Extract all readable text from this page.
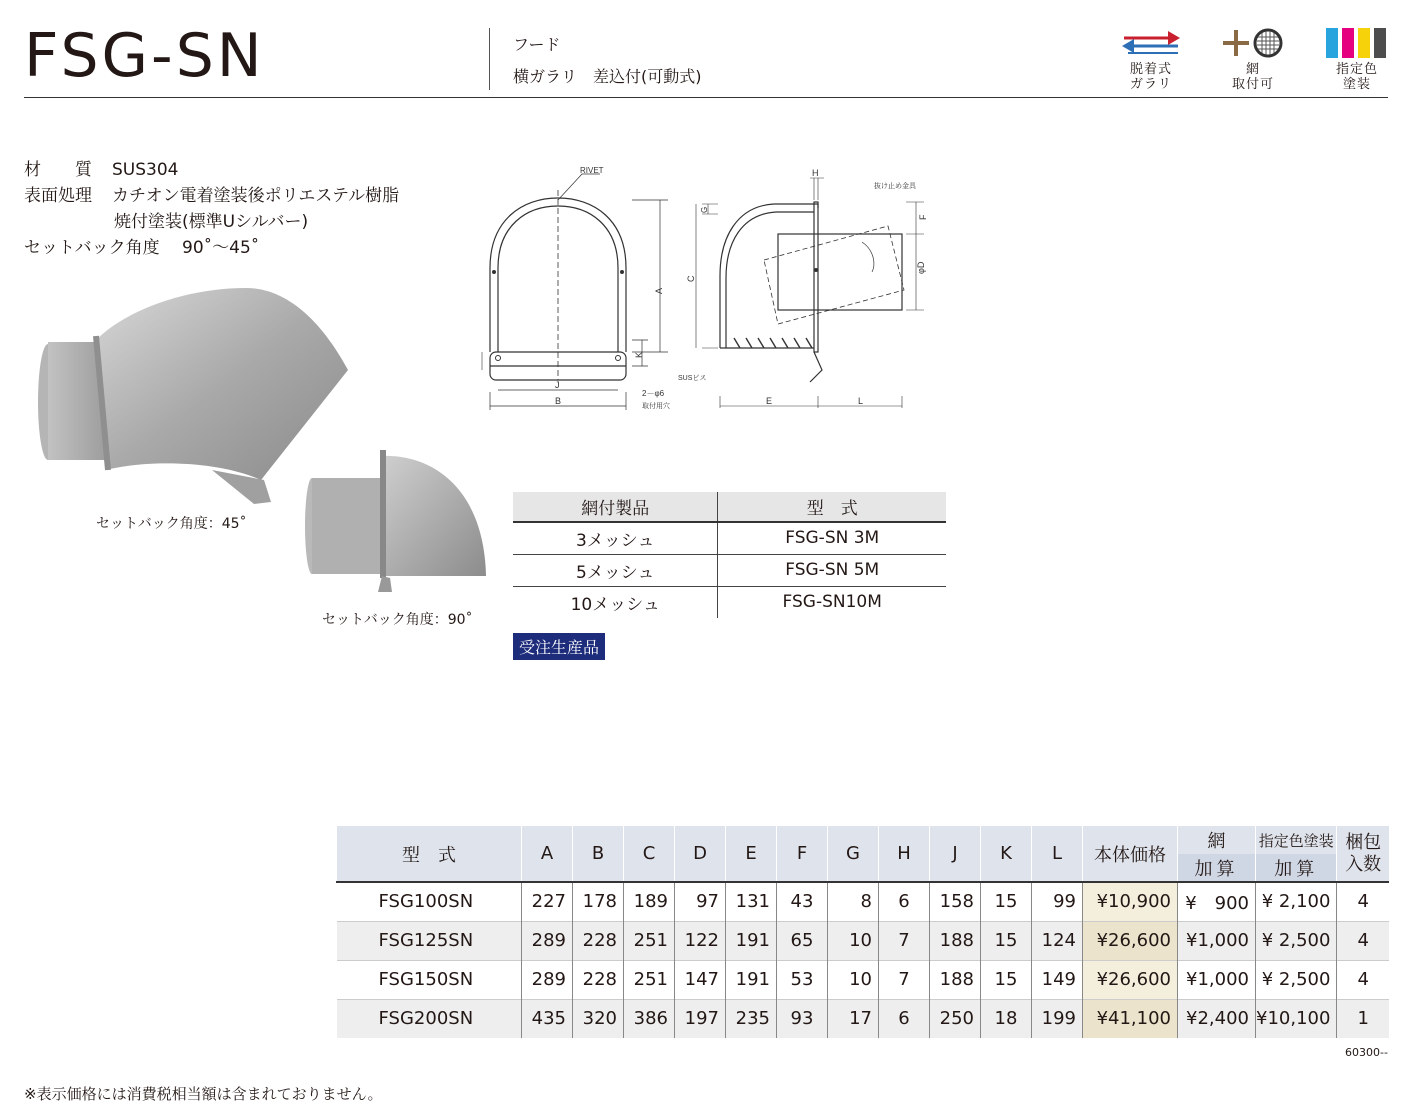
FSG-SN	フード
横ガラリ　差込付(可動式)	脱着式
ガラリ
網
取付可
指定色
塗装
材　　質	SUS304
表面処理	カチオン電着塗装後ポリエステル樹脂
焼付塗装(標準Uシルバー)
セットバック角度	90˚～45˚
セットバック角度：45˚
セットバック角度：90˚
RIVET
A
K
J
B
2－φ6
取付用穴
H
抜け止め金具
G
C
F
φD
SUSビス
E	L
網付製品	型　式
3メッシュ	FSG-SN 3M
5メッシュ	FSG-SN 5M
10メッシュ	FSG-SN10M
受注生産品
型　式	A	B	C	D	E	F	G	H	J	K	L	本体価格	網	指定色塗装	梱包
入数
													加算	加算	
FSG100SN	227	178	189	97	131	43	8	6	158	15	99	¥10,900	¥　900	¥ 2,100	4
FSG125SN	289	228	251	122	191	65	10	7	188	15	124	¥26,600	¥1,000	¥ 2,500	4
FSG150SN	289	228	251	147	191	53	10	7	188	15	149	¥26,600	¥1,000	¥ 2,500	4
FSG200SN	435	320	386	197	235	93	17	6	250	18	199	¥41,100	¥2,400	¥10,100	1
60300--
※表示価格には消費税相当額は含まれておりません。
